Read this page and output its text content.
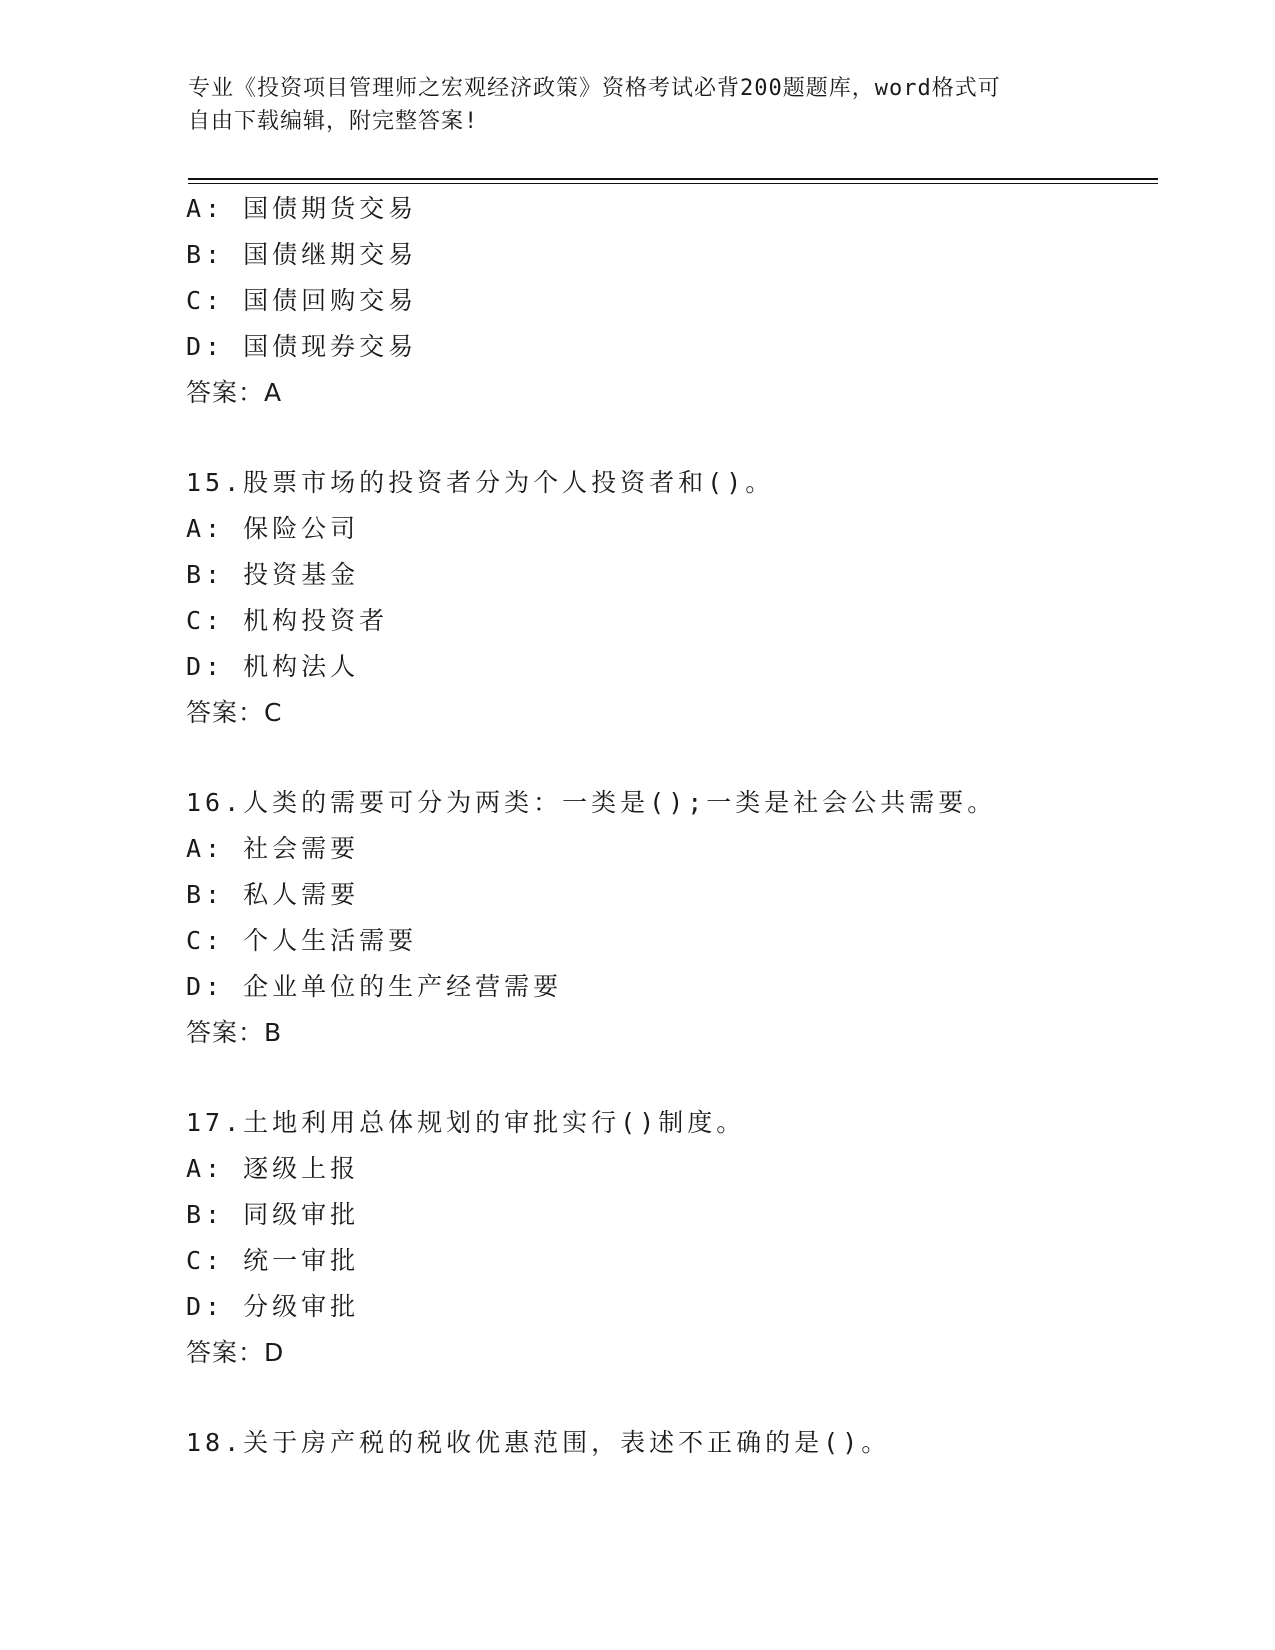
专业《投资项目管理师之宏观经济政策》资格考试必背200题题库，word格式可
自由下载编辑，附完整答案!
A: 国债期货交易
B: 国债继期交易
C: 国债回购交易
D: 国债现券交易
答案：A
15.股票市场的投资者分为个人投资者和()。
A: 保险公司
B: 投资基金
C: 机构投资者
D: 机构法人
答案：C
16.人类的需要可分为两类：一类是();一类是社会公共需要。
A: 社会需要
B: 私人需要
C: 个人生活需要
D: 企业单位的生产经营需要
答案：B
17.土地利用总体规划的审批实行()制度。
A: 逐级上报
B: 同级审批
C: 统一审批
D: 分级审批
答案：D
18.关于房产税的税收优惠范围，表述不正确的是()。
